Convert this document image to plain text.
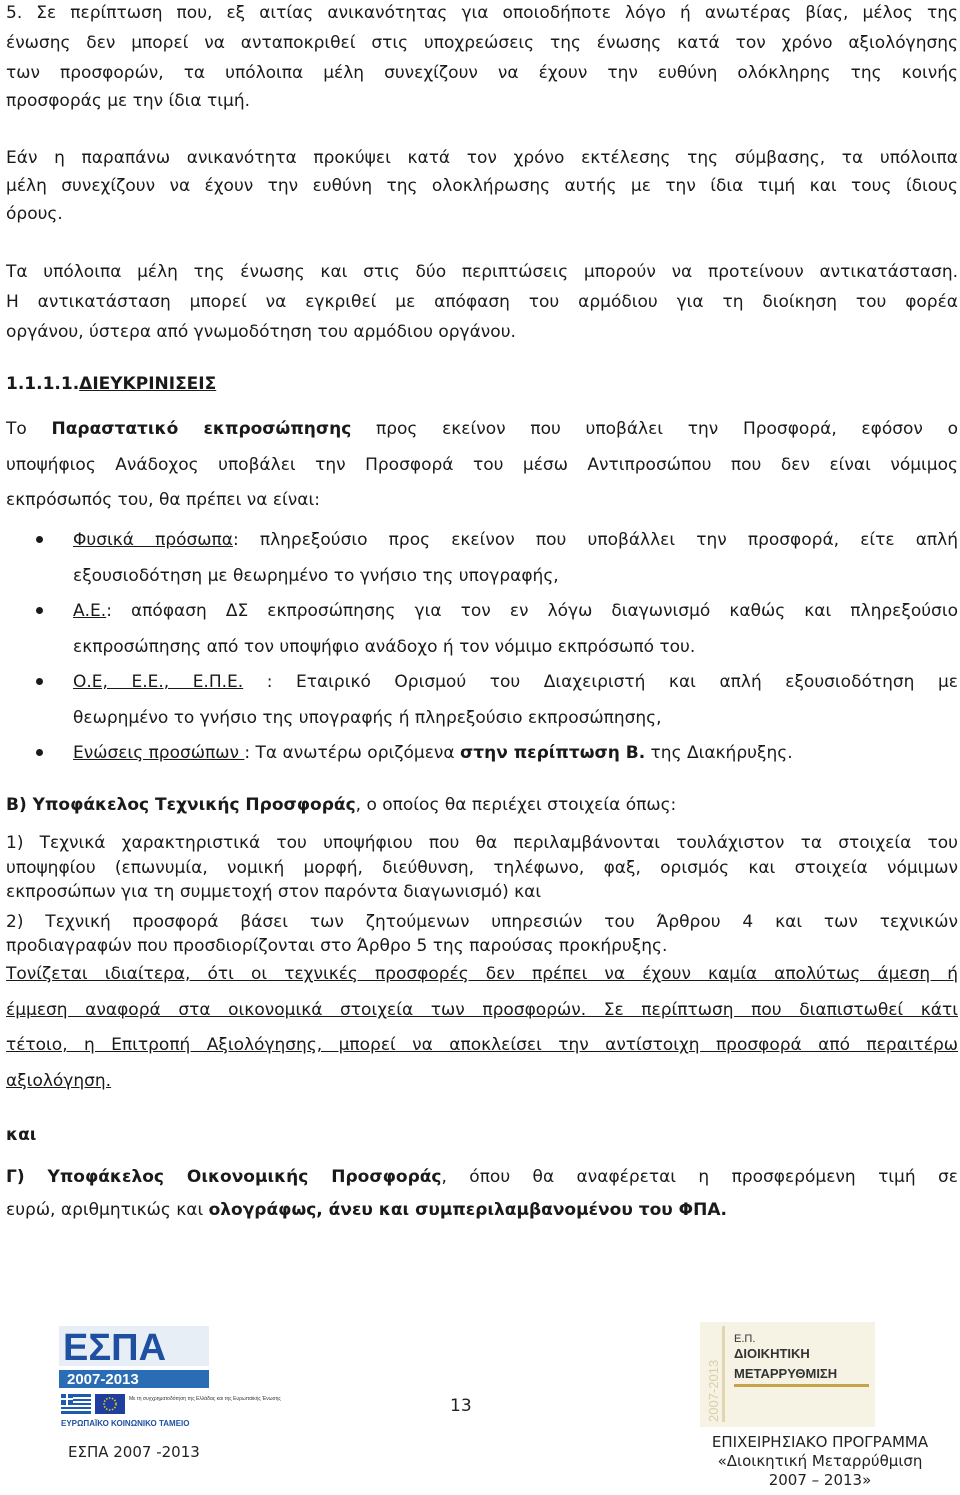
5. Σε περίπτωση που, εξ αιτίας ανικανότητας για οποιοδήποτε λόγο ή ανωτέρας βίας, μέλος της
ένωσης δεν μπορεί να ανταποκριθεί στις υποχρεώσεις της ένωσης κατά τον χρόνο αξιολόγησης
των προσφορών, τα υπόλοιπα μέλη συνεχίζουν να έχουν την ευθύνη ολόκληρης της κοινής
προσφοράς με την ίδια τιμή.
Εάν η παραπάνω ανικανότητα προκύψει κατά τον χρόνο εκτέλεσης της σύμβασης, τα υπόλοιπα
μέλη συνεχίζουν να έχουν την ευθύνη της ολοκλήρωσης αυτής με την ίδια τιμή και τους ίδιους
όρους.
Τα υπόλοιπα μέλη της ένωσης και στις δύο περιπτώσεις μπορούν να προτείνουν αντικατάσταση.
Η αντικατάσταση μπορεί να εγκριθεί με απόφαση του αρμόδιου για τη διοίκηση του φορέα
οργάνου, ύστερα από γνωμοδότηση του αρμόδιου οργάνου.
1.1.1.1.ΔΙΕΥΚΡΙΝΙΣΕΙΣ
Το Παραστατικό εκπροσώπησης προς εκείνον που υποβάλει την Προσφορά, εφόσον ο
υποψήφιος Ανάδοχος υποβάλει την Προσφορά του μέσω Αντιπροσώπου που δεν είναι νόμιμος
εκπρόσωπός του, θα πρέπει να είναι:
Φυσικά πρόσωπα: πληρεξούσιο προς εκείνον που υποβάλλει την προσφορά, είτε απλή
εξουσιοδότηση με θεωρημένο το γνήσιο της υπογραφής,
Α.Ε.: απόφαση ΔΣ εκπροσώπησης για τον εν λόγω διαγωνισμό καθώς και πληρεξούσιο
εκπροσώπησης από τον υποψήφιο ανάδοχο ή τον νόμιμο εκπρόσωπό του.
Ο.Ε, Ε.Ε., Ε.Π.Ε. : Εταιρικό Ορισμού του Διαχειριστή και απλή εξουσιοδότηση με
θεωρημένο το γνήσιο της υπογραφής ή πληρεξούσιο εκπροσώπησης,
Ενώσεις προσώπων : Τα ανωτέρω οριζόμενα στην περίπτωση Β. της Διακήρυξης.
Β) Υποφάκελος Τεχνικής Προσφοράς, ο οποίος θα περιέχει στοιχεία όπως:
1) Τεχνικά χαρακτηριστικά του υποψήφιου που θα περιλαμβάνονται τουλάχιστον τα στοιχεία του
υποψηφίου (επωνυμία, νομική μορφή, διεύθυνση, τηλέφωνο, φαξ, ορισμός και στοιχεία νόμιμων
εκπροσώπων για τη συμμετοχή στον παρόντα διαγωνισμό) και
2) Τεχνική προσφορά βάσει των ζητούμενων υπηρεσιών του Άρθρου 4 και των τεχνικών
προδιαγραφών που προσδιορίζονται στο Άρθρο 5 της παρούσας προκήρυξης.
Τονίζεται ιδιαίτερα, ότι οι τεχνικές προσφορές δεν πρέπει να έχουν καμία απολύτως άμεση ή
έμμεση αναφορά στα οικονομικά στοιχεία των προσφορών. Σε περίπτωση που διαπιστωθεί κάτι
τέτοιο, η Επιτροπή Αξιολόγησης, μπορεί να αποκλείσει την αντίστοιχη προσφορά από περαιτέρω
αξιολόγηση.
και
Γ) Υποφάκελος Οικονομικής Προσφοράς, όπου θα αναφέρεται η προσφερόμενη τιμή σε
ευρώ, αριθμητικώς και ολογράφως, άνευ και συμπεριλαμβανομένου του ΦΠΑ.
ΕΣΠΑ
2007-2013
Με τη συγχρηματοδότηση της Ελλάδας και της Ευρωπαϊκής Ένωσης
ΕΥΡΩΠΑΪΚΟ ΚΟΙΝΩΝΙΚΟ ΤΑΜΕΙΟ
13	2007-2013
Ε.Π.
ΔΙΟΙΚΗΤΙΚΗ
ΜΕΤΑΡΡΥΘΜΙΣΗ
ΕΣΠΑ 2007 -2013
ΕΠΙΧΕΙΡΗΣΙΑΚΟ ΠΡΟΓΡΑΜΜΑ
«Διοικητική Μεταρρύθμιση
2007 – 2013»
